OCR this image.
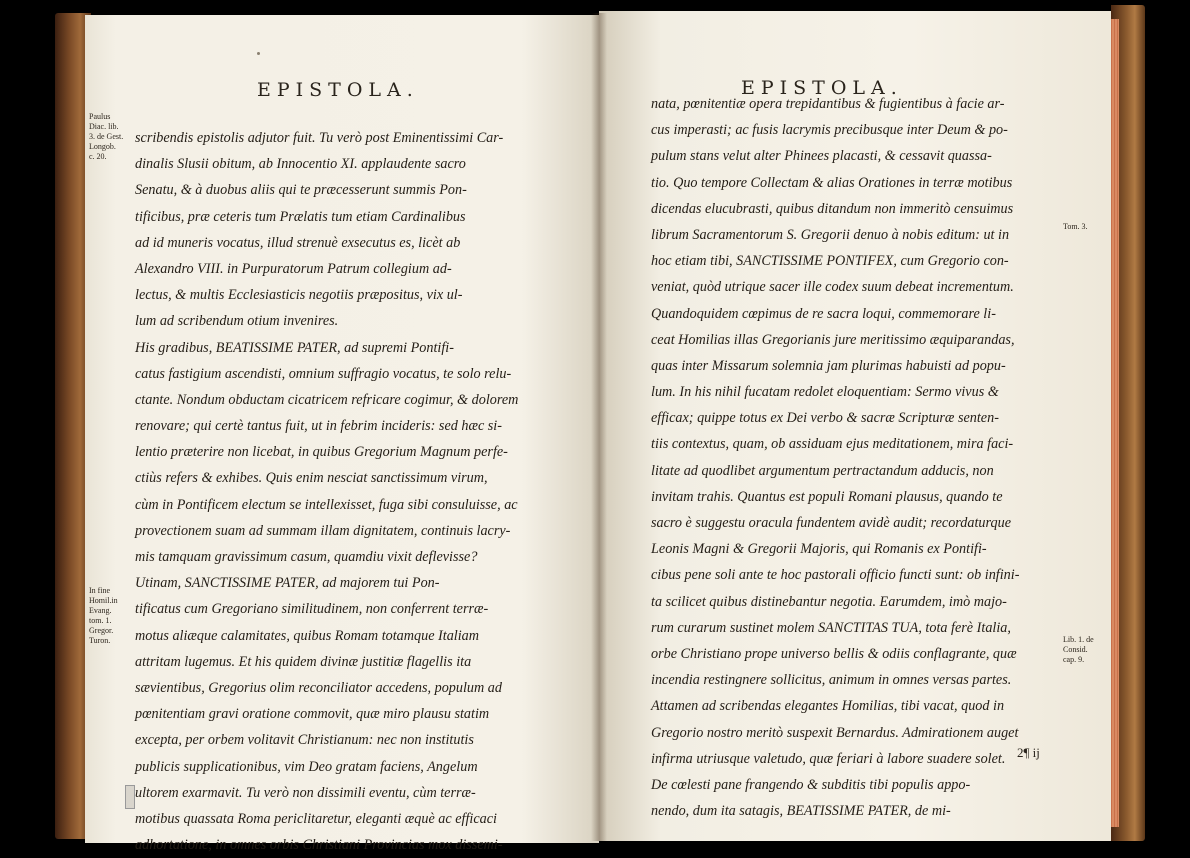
EPISTOLA.
Paulus
Diac. lib.
3. de Gest.
Longob.
c. 20.
In fine
Homil.in
Evang.
tom. 1.
Gregor.
Turon.
scribendis epistolis adjutor fuit. Tu verò post Eminentissimi Car-
dinalis Slusii obitum, ab Innocentio XI. applaudente sacro
Senatu, & à duobus aliis qui te præcesserunt summis Pon-
tificibus, præ ceteris tum Prælatis tum etiam Cardinalibus
ad id muneris vocatus, illud strenuè exsecutus es, licèt ab
Alexandro VIII. in Purpuratorum Patrum collegium ad-
lectus, & multis Ecclesiasticis negotiis præpositus, vix ul-
lum ad scribendum otium invenires.
His gradibus, BEATISSIME PATER, ad supremi Pontifi-
catus fastigium ascendisti, omnium suffragio vocatus, te solo relu-
ctante. Nondum obductam cicatricem refricare cogimur, & dolorem
renovare; qui certè tantus fuit, ut in febrim incideris: sed hæc si-
lentio præterire non licebat, in quibus Gregorium Magnum perfe-
ctiùs refers & exhibes. Quis enim nesciat sanctissimum virum,
cùm in Pontificem electum se intellexisset, fuga sibi consuluisse, ac
provectionem suam ad summam illam dignitatem, continuis lacry-
mis tamquam gravissimum casum, quamdiu vixit deflevisse?
Utinam, SANCTISSIME PATER, ad majorem tui Pon-
tificatus cum Gregoriano similitudinem, non conferrent terræ-
motus aliæque calamitates, quibus Romam totamque Italiam
attritam lugemus. Et his quidem divinæ justitiæ flagellis ita
sævientibus, Gregorius olim reconciliator accedens, populum ad
pœnitentiam gravi oratione commovit, quæ miro plausu statim
excepta, per orbem volitavit Christianum: nec non institutis
publicis supplicationibus, vim Deo gratam faciens, Angelum
ultorem exarmavit. Tu verò non dissimili eventu, cùm terræ-
motibus quassata Roma periclitaretur, eleganti æquè ac efficaci
adhortatione, in omnes orbis Christiani Provincias mox dissemi-
EPISTOLA.
Tom. 3.
Lib. 1. de
Consid.
cap. 9.
nata, pœnitentiæ opera trepidantibus & fugientibus à facie ar-
cus imperasti; ac fusis lacrymis precibusque inter Deum & po-
pulum stans velut alter Phinees placasti, & cessavit quassa-
tio. Quo tempore Collectam & alias Orationes in terræ motibus
dicendas elucubrasti, quibus ditandum non immeritò censuimus
librum Sacramentorum S. Gregorii denuo à nobis editum: ut in
hoc etiam tibi, SANCTISSIME PONTIFEX, cum Gregorio con-
veniat, quòd utrique sacer ille codex suum debeat incrementum.
Quandoquidem cœpimus de re sacra loqui, commemorare li-
ceat Homilias illas Gregorianis jure meritissimo æquiparandas,
quas inter Missarum solemnia jam plurimas habuisti ad popu-
lum. In his nihil fucatam redolet eloquentiam: Sermo vivus &
efficax; quippe totus ex Dei verbo & sacræ Scripturæ senten-
tiis contextus, quam, ob assiduam ejus meditationem, mira faci-
litate ad quodlibet argumentum pertractandum adducis, non
invitam trahis. Quantus est populi Romani plausus, quando te
sacro è suggestu oracula fundentem avidè audit; recordaturque
Leonis Magni & Gregorii Majoris, qui Romanis ex Pontifi-
cibus pene soli ante te hoc pastorali officio functi sunt: ob infini-
ta scilicet quibus distinebantur negotia. Earumdem, imò majo-
rum curarum sustinet molem SANCTITAS TUA, tota ferè Italia,
orbe Christiano prope universo bellis & odiis conflagrante, quæ
incendia restingnere sollicitus, animum in omnes versas partes.
Attamen ad scribendas elegantes Homilias, tibi vacat, quod in
Gregorio nostro meritò suspexit Bernardus. Admirationem auget
infirma utriusque valetudo, quæ feriari à labore suadere solet.
De cœlesti pane frangendo & subditis tibi populis appo-
nendo, dum ita satagis, BEATISSIME PATER, de mi-
2¶ ij
